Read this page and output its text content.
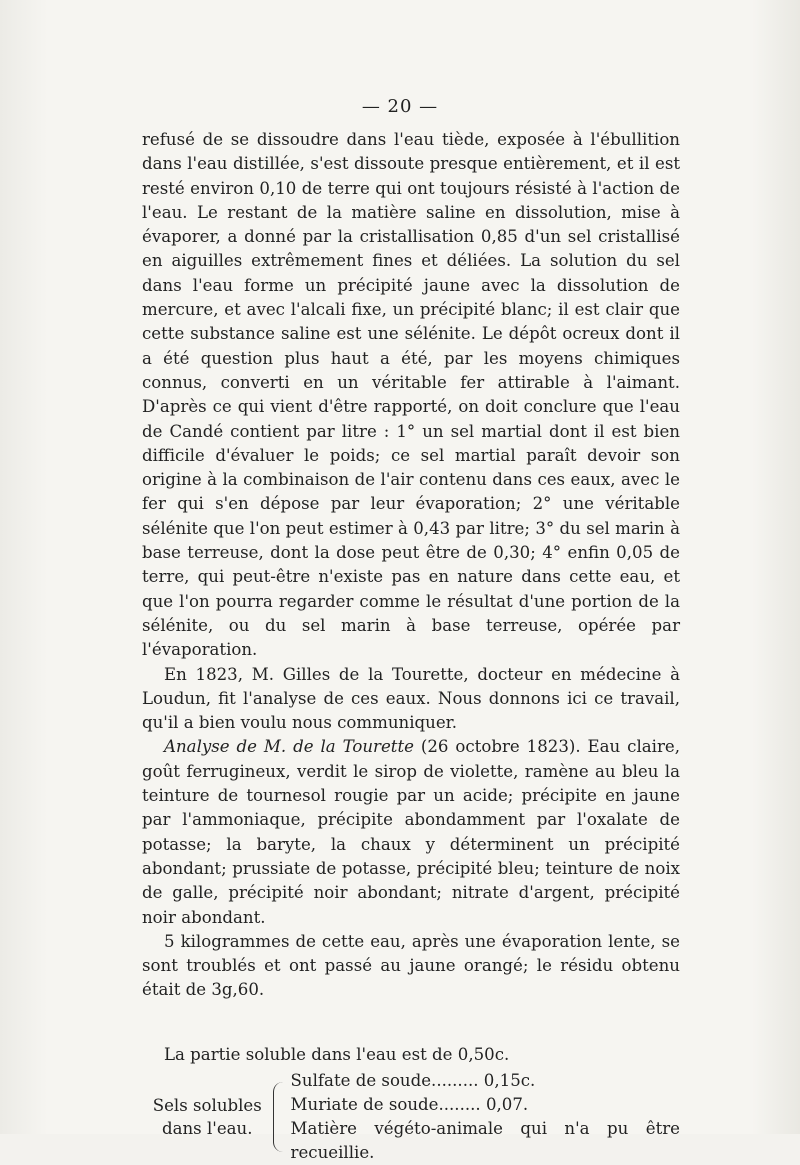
— 20 —

refusé de se dissoudre dans l'eau tiède, exposée à l'ébullition dans l'eau distillée, s'est dissoute presque entièrement, et il est resté environ 0,10 de terre qui ont toujours résisté à l'action de l'eau. Le restant de la matière saline en dissolution, mise à évaporer, a donné par la cristallisation 0,85 d'un sel cristallisé en aiguilles extrêmement fines et déliées. La solution du sel dans l'eau forme un précipité jaune avec la dissolution de mercure, et avec l'alcali fixe, un précipité blanc; il est clair que cette substance saline est une sélénite. Le dépôt ocreux dont il a été question plus haut a été, par les moyens chimiques connus, converti en un véritable fer attirable à l'aimant. D'après ce qui vient d'être rapporté, on doit conclure que l'eau de Candé contient par litre : 1° un sel martial dont il est bien difficile d'évaluer le poids; ce sel martial paraît devoir son origine à la combinaison de l'air contenu dans ces eaux, avec le fer qui s'en dépose par leur évaporation; 2° une véritable sélénite que l'on peut estimer à 0,43 par litre; 3° du sel marin à base terreuse, dont la dose peut être de 0,30; 4° enfin 0,05 de terre, qui peut-être n'existe pas en nature dans cette eau, et que l'on pourra regarder comme le résultat d'une portion de la sélénite, ou du sel marin à base terreuse, opérée par l'évaporation.

En 1823, M. Gilles de la Tourette, docteur en médecine à Loudun, fit l'analyse de ces eaux. Nous donnons ici ce travail, qu'il a bien voulu nous communiquer.

Analyse de M. de la Tourette (26 octobre 1823). Eau claire, goût ferrugineux, verdit le sirop de violette, ramène au bleu la teinture de tournesol rougie par un acide; précipite en jaune par l'ammoniaque, précipite abondamment par l'oxalate de potasse; la baryte, la chaux y déterminent un précipité abondant; prussiate de potasse, précipité bleu; teinture de noix de galle, précipité noir abondant; nitrate d'argent, précipité noir abondant.

5 kilogrammes de cette eau, après une évaporation lente, se sont troublés et ont passé au jaune orangé; le résidu obtenu était de 3g,60.

La partie soluble dans l'eau est de 0,50c.

Sels solubles
dans l'eau.
Sulfate de soude......... 0,15c.
Muriate de soude........ 0,07.
Matière végéto-animale qui n'a pu être recueillie.
